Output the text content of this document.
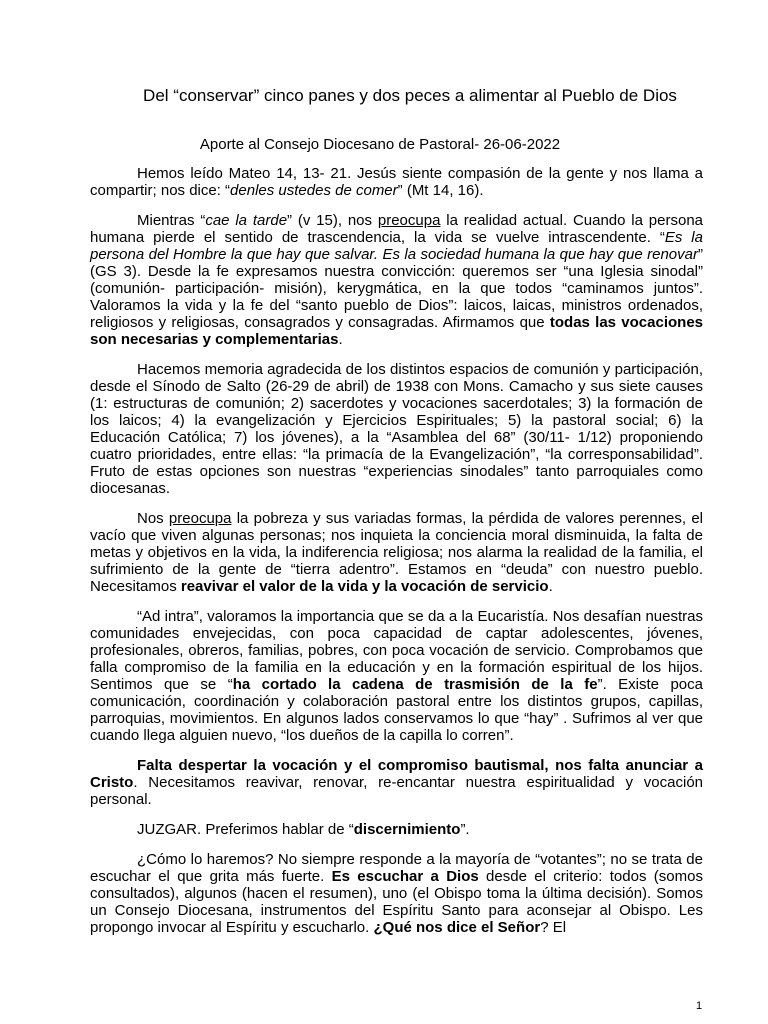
Del “conservar” cinco panes y dos peces a alimentar al Pueblo de Dios
Aporte al Consejo Diocesano de Pastoral- 26-06-2022

Hemos leído Mateo 14, 13- 21. Jesús siente compasión de la gente y nos llama a compartir; nos dice: “denles ustedes de comer” (Mt 14, 16).

Mientras “cae la tarde” (v 15), nos preocupa la realidad actual. Cuando la persona humana pierde el sentido de trascendencia, la vida se vuelve intrascendente. “Es la persona del Hombre la que hay que salvar. Es la sociedad humana la que hay que renovar” (GS 3). Desde la fe expresamos nuestra convicción: queremos ser “una Iglesia sinodal” (comunión- participación- misión), kerygmática, en la que todos “caminamos juntos”. Valoramos la vida y la fe del “santo pueblo de Dios”: laicos, laicas, ministros ordenados, religiosos y religiosas, consagrados y consagradas. Afirmamos que todas las vocaciones son necesarias y complementarias.

Hacemos memoria agradecida de los distintos espacios de comunión y participación, desde el Sínodo de Salto (26-29 de abril) de 1938 con Mons. Camacho y sus siete causes (1: estructuras de comunión; 2) sacerdotes y vocaciones sacerdotales; 3) la formación de los laicos; 4) la evangelización y Ejercicios Espirituales; 5) la pastoral social; 6) la Educación Católica; 7) los jóvenes), a la “Asamblea del 68” (30/11- 1/12) proponiendo cuatro prioridades, entre ellas: “la primacía de la Evangelización”, “la corresponsabilidad”. Fruto de estas opciones son nuestras “experiencias sinodales” tanto parroquiales como diocesanas.

Nos preocupa la pobreza y sus variadas formas, la pérdida de valores perennes, el vacío que viven algunas personas; nos inquieta la conciencia moral disminuida, la falta de metas y objetivos en la vida, la indiferencia religiosa; nos alarma la realidad de la familia, el sufrimiento de la gente de “tierra adentro”. Estamos en “deuda” con nuestro pueblo. Necesitamos reavivar el valor de la vida y la vocación de servicio.

“Ad intra”, valoramos la importancia que se da a la Eucaristía. Nos desafían nuestras comunidades envejecidas, con poca capacidad de captar adolescentes, jóvenes, profesionales, obreros, familias, pobres, con poca vocación de servicio. Comprobamos que falla compromiso de la familia en la educación y en la formación espiritual de los hijos. Sentimos que se “ha cortado la cadena de trasmisión de la fe”. Existe poca comunicación, coordinación y colaboración pastoral entre los distintos grupos, capillas, parroquias, movimientos. En algunos lados conservamos lo que “hay” . Sufrimos al ver que cuando llega alguien nuevo, “los dueños de la capilla lo corren”.

Falta despertar la vocación y el compromiso bautismal, nos falta anunciar a Cristo. Necesitamos reavivar, renovar, re-encantar nuestra espiritualidad y vocación personal.

JUZGAR. Preferimos hablar de “discernimiento”.

¿Cómo lo haremos? No siempre responde a la mayoría de “votantes”; no se trata de escuchar el que grita más fuerte. Es escuchar a Dios desde el criterio: todos (somos consultados), algunos (hacen el resumen), uno (el Obispo toma la última decisión). Somos un Consejo Diocesana, instrumentos del Espíritu Santo para aconsejar al Obispo. Les propongo invocar al Espíritu y escucharlo. ¿Qué nos dice el Señor? El

1
